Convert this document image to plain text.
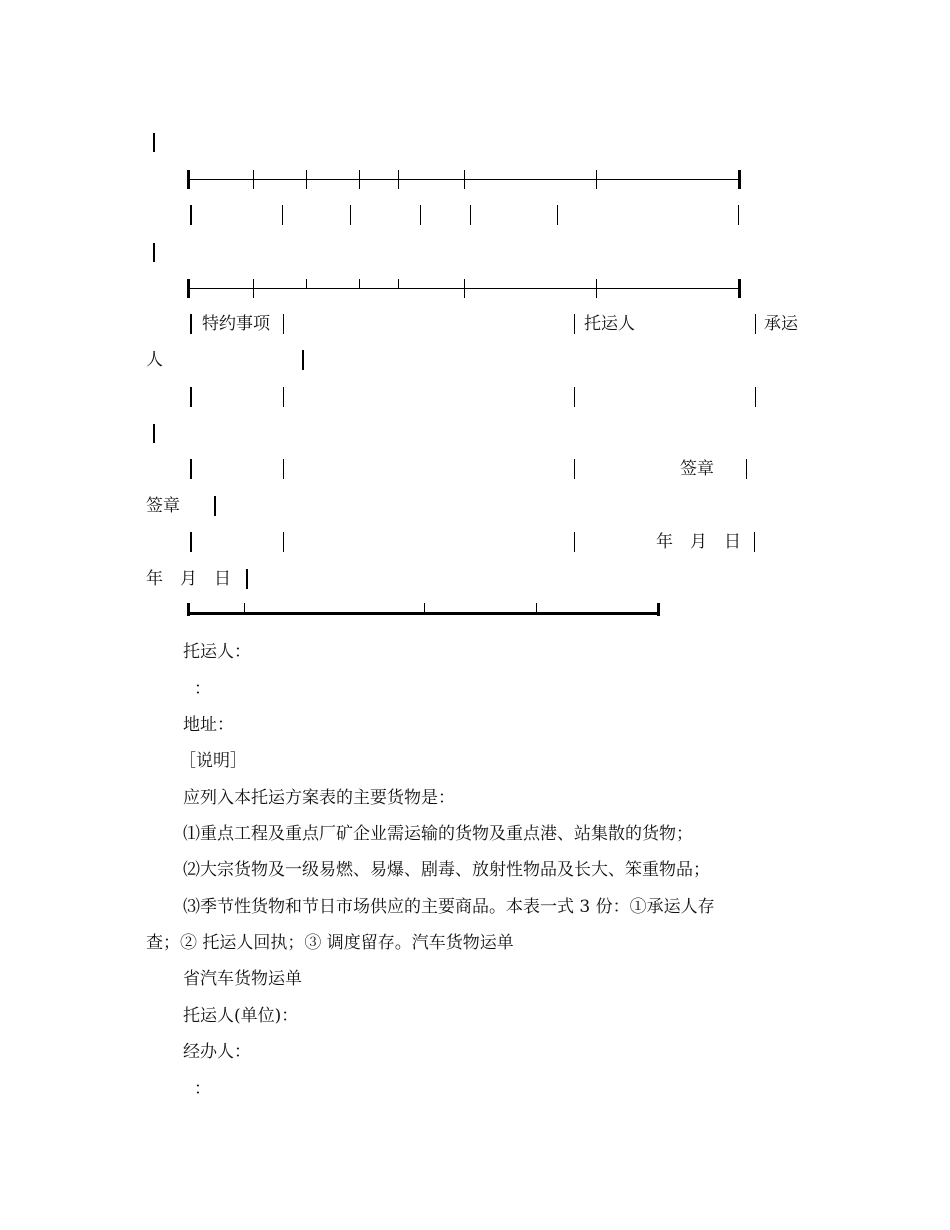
特约事项	托运人	承运
人
签章
签章
年　月　日
年　月　日
托运人：
：
地址：
［说明］
应列入本托运方案表的主要货物是：
⑴重点工程及重点厂矿企业需运输的货物及重点港、站集散的货物；
⑵大宗货物及一级易燃、易爆、剧毒、放射性物品及长大、笨重物品；
⑶季节性货物和节日市场供应的主要商品。本表一式 3 份：①承运人存
查；② 托运人回执；③ 调度留存。汽车货物运单
省汽车货物运单
托运人(单位)：
经办人：
：
